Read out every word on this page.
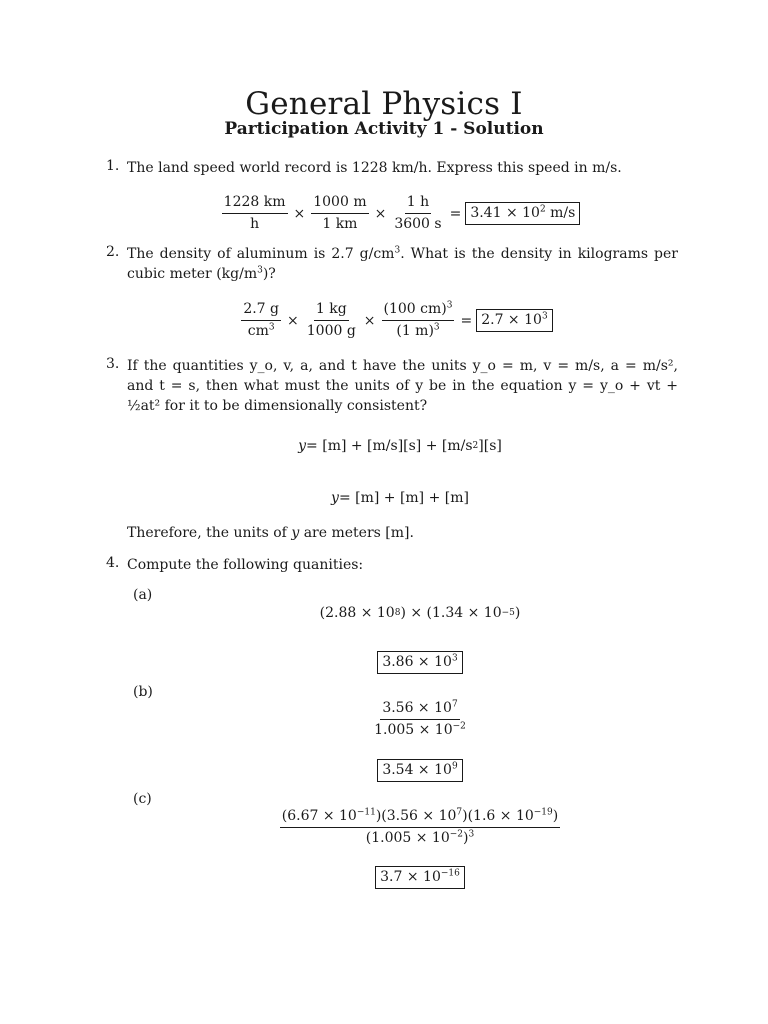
General Physics I
Participation Activity 1 - Solution
1. The land speed world record is 1228 km/h. Express this speed in m/s.
$\frac{1228 km}{h} \times \frac{1000 m}{1 km} \times \frac{1 h}{3600 s} = 3.41 \times 10^2$ m/s
2. The density of aluminum is 2.7 $g/cm^3$. What is the density in kilograms per cubic meter $(kg/m^3)$?
$\frac{2.7 g}{cm^3} \times \frac{1 kg}{1000 g} \times \frac{(100 cm)^3}{(1 m)^3} = 2.7 \times 10^3$
3. If the quantities y_o, v, a, and t have the units y_o = m, v = m/s, a = m/s², and t = s, then what must the units of y be in the equation y = y_o + vt + ½at² for it to be dimensionally consistent?
y = [m] + [m/s][s] + [m/s 2 ][s]
y = [m] + [m] + [m]
Therefore, the units of y are meters [m].
4. Compute the following quanities:
(a)
(2.88 × 10 8 ) × (1.34 × 10 −5 )
$3.86 \times 10^3$
(b)
$\frac{3.56 \times 10^7}{1.005 \times 10^{-2}}$
$3.54 \times 10^9$
(c)
$\frac{(6.67 \times 10^{-11})(3.56 \times 10^7)(1.6 \times 10^{-19})}{(1.005 \times 10^{-2})^3}$
$3.7 \times 10^{-16}$
